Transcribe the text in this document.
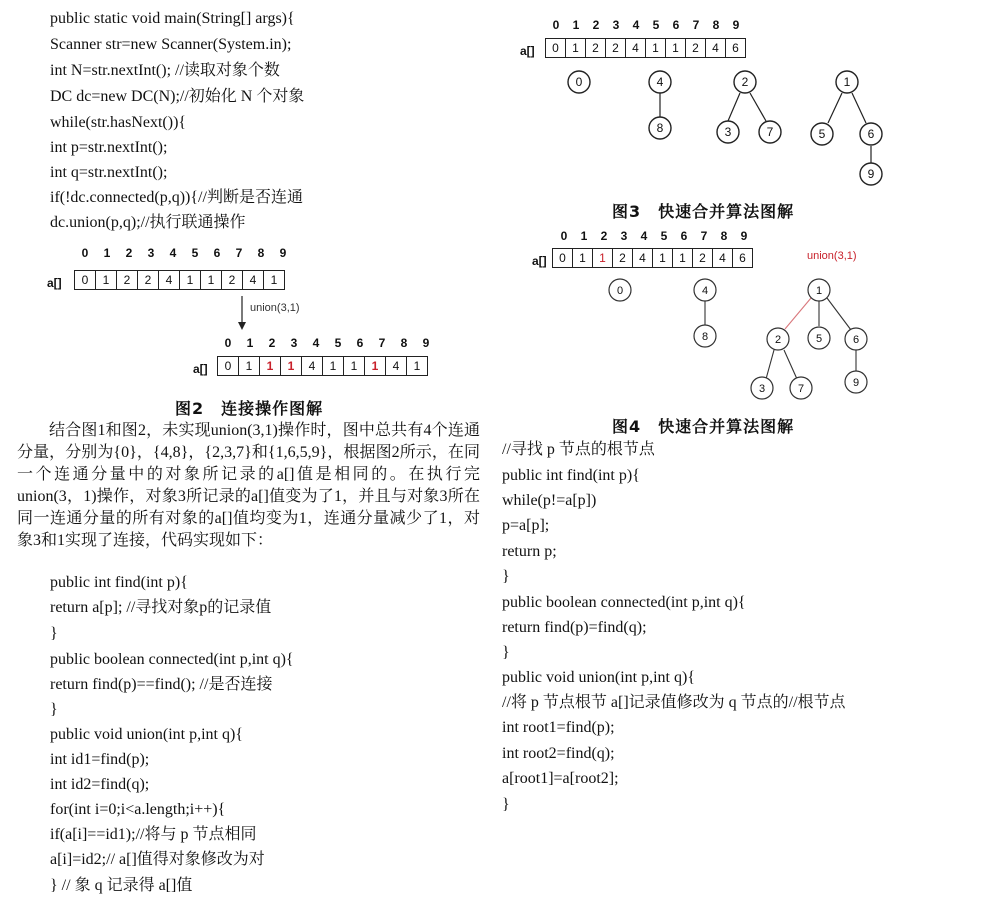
public static void main(String[] args){
Scanner str=new Scanner(System.in);
int N=str.nextInt(); //读取对象个数
DC dc=new DC(N);//初始化 N 个对象
while(str.hasNext()){
int p=str.nextInt();
int q=str.nextInt();
if(!dc.connected(p,q)){//判断是否连通
dc.union(p,q);//执行联通操作
0	1	2	3	4	5	6	7	8	9
a[]	0	1	2	2	4	1	1	2	4	1
union(3,1)
0	1	2	3	4	5	6	7	8	9
a[]	0	1	1	1	4	1	1	1	4	1
图2　连接操作图解
结合图1和图2，未实现union(3,1)操作时，图中总共有4个连通分量，分别为{0}，{4,8}，{2,3,7}和{1,6,5,9}，根据图2所示，在同一个连通分量中的对象所记录的a[]值是相同的。在执行完union(3，1)操作，对象3所记录的a[]值变为了1，并且与对象3所在同一连通分量的所有对象的a[]值均变为1，连通分量减少了1，对象3和1实现了连接，代码实现如下：
public int find(int p){
return a[p]; //寻找对象p的记录值
}
public boolean connected(int p,int q){
return find(p)==find(); //是否连接
}
public void union(int p,int q){
int id1=find(p);
int id2=find(q);
for(int i=0;i<a.length;i++){
if(a[i]==id1);//将与 p 节点相同
a[i]=id2;// a[]值得对象修改为对
} // 象 q 记录得 a[]值
0	1	2	3	4	5	6	7	8	9
a[]	0	1	2	2	4	1	1	2	4	6
0	4
8
2
3	7
1
5	6
9
图3　快速合并算法图解
0	1	2	3	4	5	6	7	8	9
a[]	0	1	1	2	4	1	1	2	4	6	union(3,1)
0	4
8
1
2	5	6
3	7	9
图4　快速合并算法图解
//寻找 p 节点的根节点
public int find(int p){
while(p!=a[p])
p=a[p];
return p;
}
public boolean connected(int p,int q){
return find(p)=find(q);
}
public void union(int p,int q){
//将 p 节点根节 a[]记录值修改为 q 节点的//根节点
int root1=find(p);
int root2=find(q);
a[root1]=a[root2];
}
